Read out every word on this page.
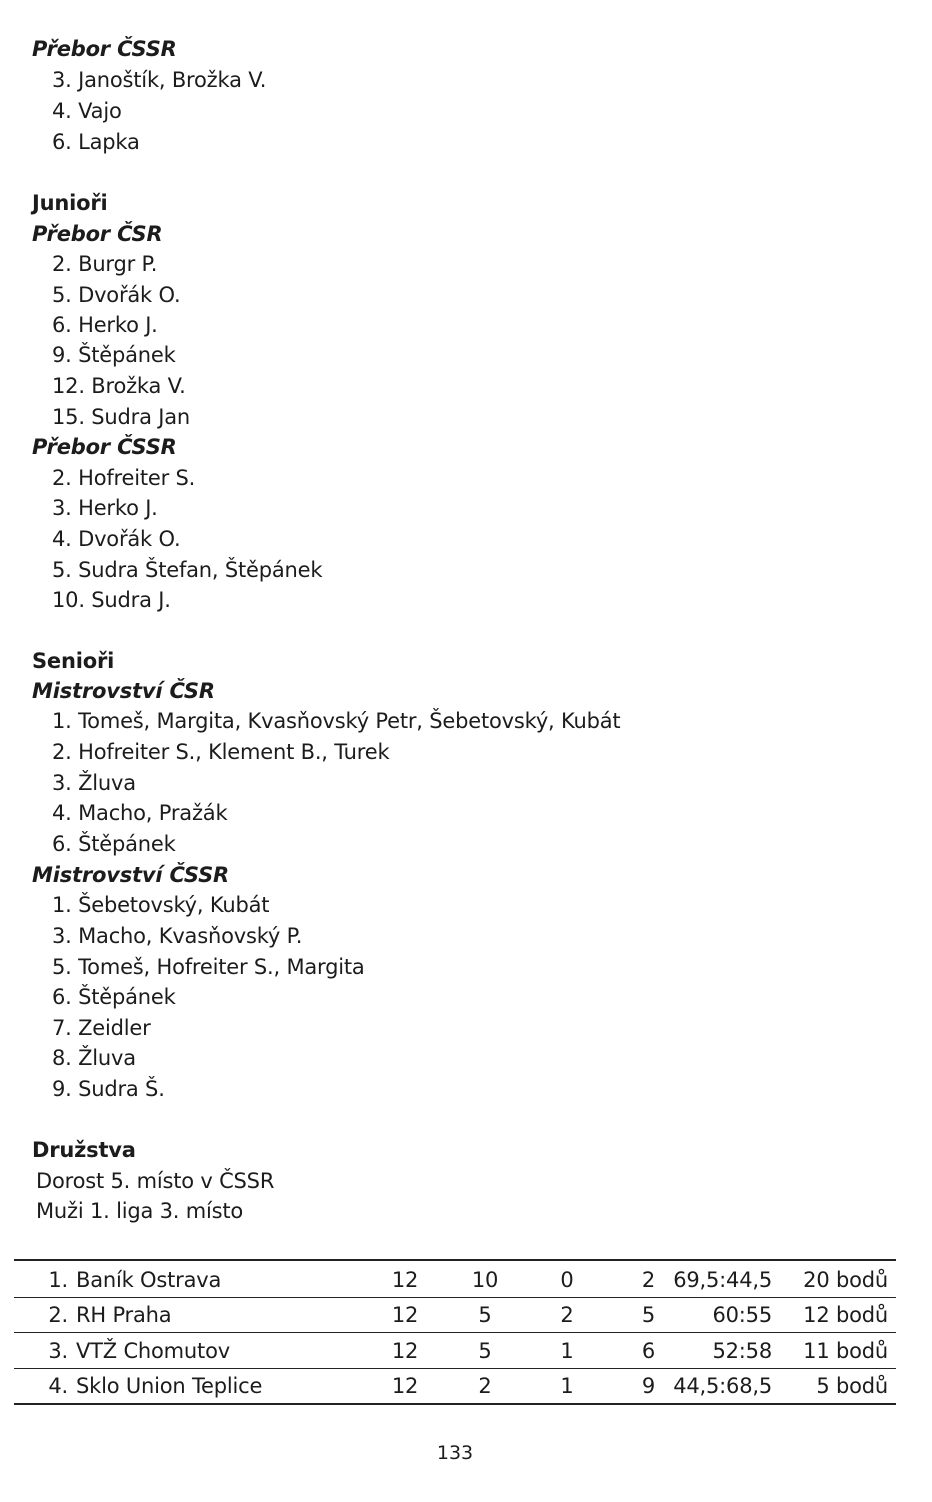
Přebor ČSSR
3. Janoštík, Brožka V.
4. Vajo
6. Lapka
Junioři
Přebor ČSR
2. Burgr P.
5. Dvořák O.
6. Herko J.
9. Štěpánek
12. Brožka V.
15. Sudra Jan
Přebor ČSSR
2. Hofreiter S.
3. Herko J.
4. Dvořák O.
5. Sudra Štefan, Štěpánek
10. Sudra J.
Senioři
Mistrovství ČSR
1. Tomeš, Margita, Kvasňovský Petr, Šebetovský, Kubát
2. Hofreiter S., Klement B., Turek
3. Žluva
4. Macho, Pražák
6. Štěpánek
Mistrovství ČSSR
1. Šebetovský, Kubát
3. Macho, Kvasňovský P.
5. Tomeš, Hofreiter S., Margita
6. Štěpánek
7. Zeidler
8. Žluva
9. Sudra Š.
Družstva
Dorost 5. místo v ČSSR
Muži 1. liga 3. místo
1. Baník Ostrava	12	10	0	2 69,5:44,5	20 bodů
2. RH Praha	12	5	2	5	60:55	12 bodů
3. VTŽ Chomutov	12	5	1	6	52:58	11 bodů
4. Sklo Union Teplice	12	2	1	9 44,5:68,5	5 bodů
133
